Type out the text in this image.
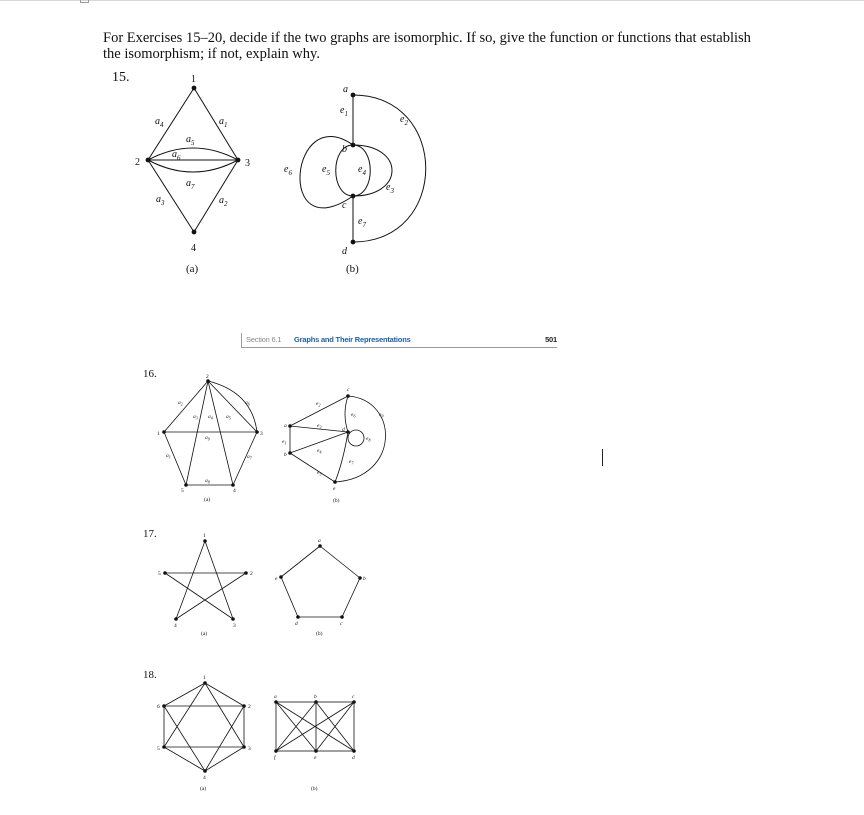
For Exercises 15–20, decide if the two graphs are isomorphic. If so, give the function or functions that establish
the isomorphism; if not, explain why.

15.	1
2	3
4
$a_4$	$a_1$
$a_5$
$a_6$
$a_7$
$a_3$	$a_2$
(a)
a
b
c
d
$e_1$	$e_2$
$e_3$
$e_4$
$e_5$
$e_6$
$e_7$
(b)
Section 6.1 Graphs and Their Representations	501
16.	2
1	3
5	4
$a_1$
$a_2$
$a_3$ $a_4$ $a_5$
$a_6$
$a_7$
$a_8$
$a_9$
(a)
a
b
c
d
e
$e_1$
$e_2$
$e_3$
$e_4$
$e_5$
$e_6$
$e_7$
$e_8$
$e_9$
(b)
17.	1
2
3
4
5
(a)
a
b
c
d
e
(b)
18.	1
2
3
4
5
6
(a)
a	b	c
d
e
f
(b)
